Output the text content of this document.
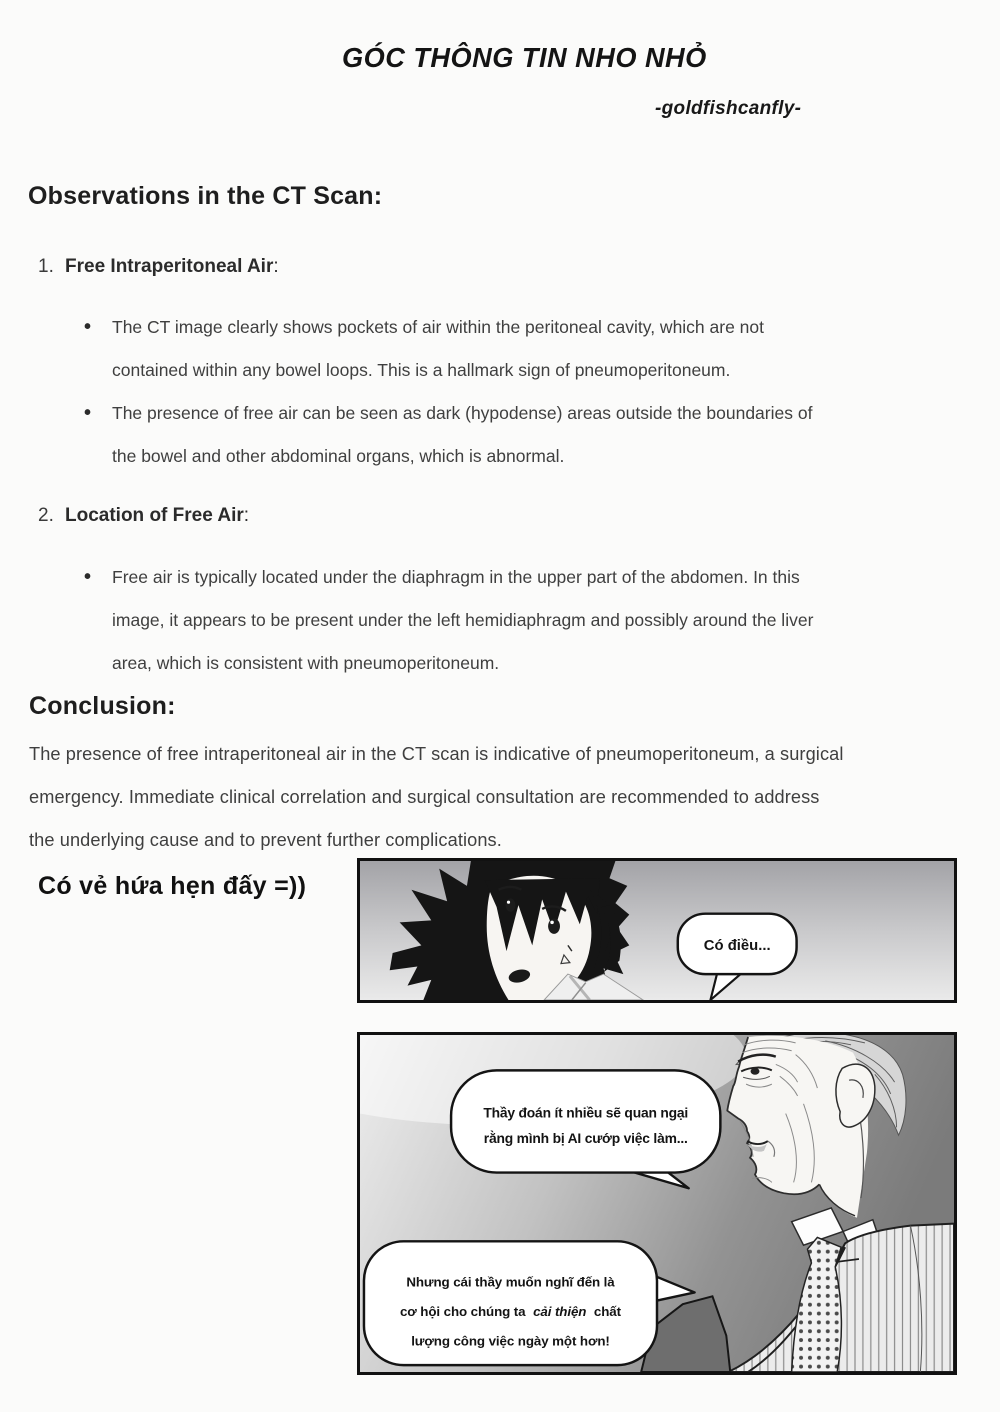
GÓC THÔNG TIN NHO NHỎ
-goldfishcanfly-
Observations in the CT Scan:
1. Free Intraperitoneal Air :
•	The CT image clearly shows pockets of air within the peritoneal cavity, which are not
contained within any bowel loops. This is a hallmark sign of pneumoperitoneum.
•	The presence of free air can be seen as dark (hypodense) areas outside the boundaries of
the bowel and other abdominal organs, which is abnormal.
2. Location of Free Air :
•	Free air is typically located under the diaphragm in the upper part of the abdomen. In this
image, it appears to be present under the left hemidiaphragm and possibly around the liver
area, which is consistent with pneumoperitoneum.
Conclusion:
The presence of free intraperitoneal air in the CT scan is indicative of pneumoperitoneum, a surgical
emergency. Immediate clinical correlation and surgical consultation are recommended to address
the underlying cause and to prevent further complications.
Có vẻ hứa hẹn đấy =))
Có điều...
Thầy đoán ít nhiều sẽ quan ngại
rằng mình bị AI cướp việc làm...
Nhưng cái thầy muốn nghĩ đến là
cơ hội cho chúng ta cải thiện chất
lượng công việc ngày một hơn!
